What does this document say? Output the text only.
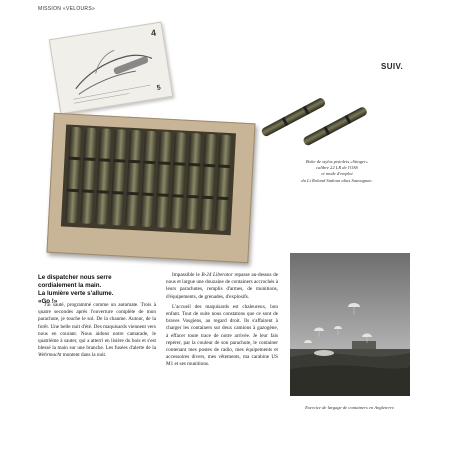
MISSION «VELOURS»
SUIV.
4
5
Boîte de stylos pistolets «Stinger»
calibre 22 LR de l'OSS
et mode d'emploi
du Lt Roland Sadoun alias Sauvagnac.
Le dispatcher nous serre
cordialement la main.
La lumière verte s'allume.
«Go !»

J'ai sauté, programmé comme un automate. Trois à quatre secondes après l'ouverture complète de mon parachute, je touche le sol. De la chaume. Autour, de la forêt. Une belle nuit d'été. Des maquisards viennent vers nous en courant. Nous aidons notre camarade, le quatrième à sauter, qui a atterri en lisière du bois et s'est blessé la main sur une branche. Les fusées d'alerte de la Wehrmacht montent dans la nuit.

Impassible le B-24 Liberator repasse au-dessus de nous et largue une douzaine de containers accrochés à leurs parachutes, remplis d'armes, de munitions, d'équipements, de grenades, d'explosifs.

L'accueil des maquisards est chaleureux, bon enfant. Tout de suite nous constatons que ce sont de braves Vosgiens, au regard droit. Ils s'affairent à charger les containers sur deux camions à gazogène, à effacer toute trace de notre arrivée. Je leur fais repérer, par la couleur de son parachute, le container contenant mes postes de radio, mes équipements et accessoires divers, mes vêtements, ma carabine US M1 et ses munitions.

Exercice de largage de containers en Angleterre.
